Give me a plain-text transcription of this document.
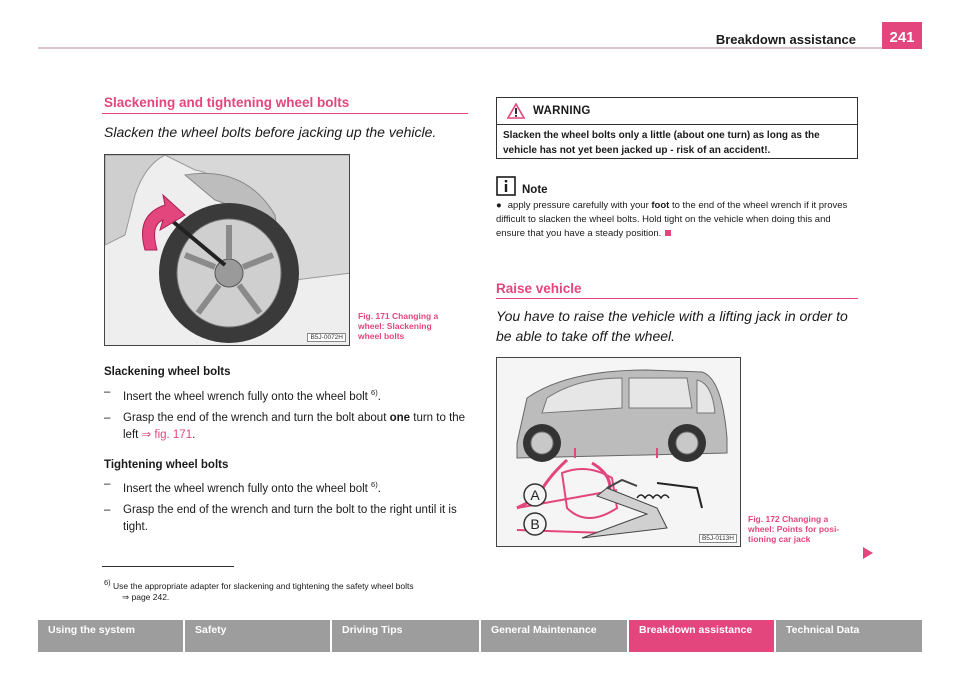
Breakdown assistance	241
Slackening and tightening wheel bolts
Slacken the wheel bolts before jacking up the vehicle.
B5J-0072H
Fig. 171 Changing a
wheel: Slackening
wheel bolts
Slackening wheel bolts
–	Insert the wheel wrench fully onto the wheel bolt $^{6)}$.
–	Grasp the end of the wrench and turn the bolt about one turn to the left ⇒ fig. 171.
Tightening wheel bolts
–	Insert the wheel wrench fully onto the wheel bolt $^{6)}$.
–	Grasp the end of the wrench and turn the bolt to the right until it is tight.
$^{6)}$ Use the appropriate adapter for slackening and tightening the safety wheel bolts
⇒ page 242.
WARNING
Slacken the wheel bolts only a little (about one turn) as long as the vehicle has not yet been jacked up - risk of an accident!.
Note
● apply pressure carefully with your foot to the end of the wheel wrench if it proves difficult to slacken the wheel bolts. Hold tight on the vehicle when doing this and ensure that you have a steady position.
Raise vehicle
You have to raise the vehicle with a lifting jack in order to be able to take off the wheel.
A
B
B5J-0113H
Fig. 172 Changing a
wheel: Points for posi-
tioning car jack
Using the system	Safety	Driving Tips	General Maintenance	Breakdown assistance	Technical Data
